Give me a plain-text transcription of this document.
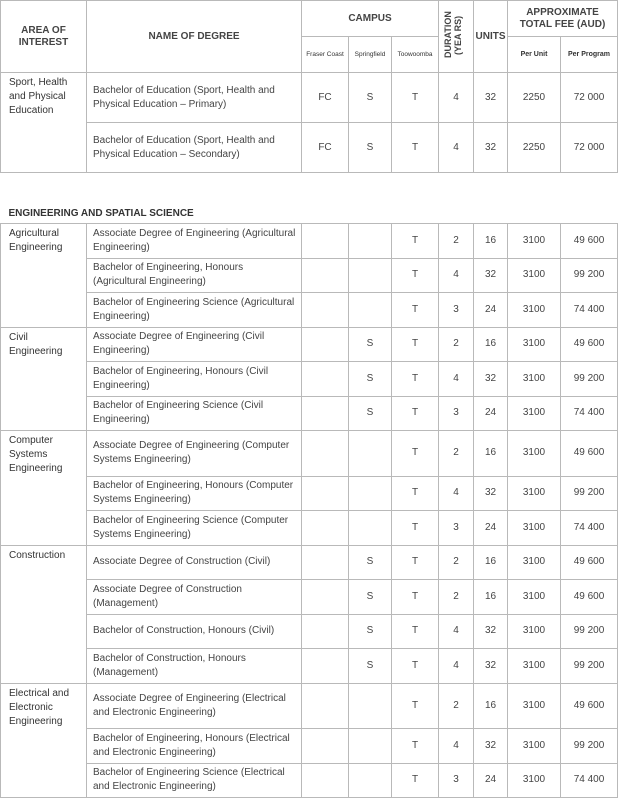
AREA OF INTEREST	NAME OF DEGREE	CAMPUS			DURATION (YEA RS)	UNITS	APPROXIMATE TOTAL FEE (AUD)	
		Fraser Coast	Springfield	Toowoomba			Per Unit	Per Program
Sport, Health and Physical Education	Bachelor of Education (Sport, Health and Physical Education – Primary)	FC	S	T	4	32	2250	72 000
	Bachelor of Education (Sport, Health and Physical Education – Secondary)	FC	S	T	4	32	2250	72 000
ENGINEERING AND SPATIAL SCIENCE								
Agricultural Engineering	Associate Degree of Engineering (Agricultural Engineering)			T	2	16	3100	49 600
	Bachelor of Engineering, Honours (Agricultural Engineering)			T	4	32	3100	99 200
	Bachelor of Engineering Science (Agricultural Engineering)			T	3	24	3100	74 400
Civil Engineering	Associate Degree of Engineering (Civil Engineering)		S	T	2	16	3100	49 600
	Bachelor of Engineering, Honours (Civil Engineering)		S	T	4	32	3100	99 200
	Bachelor of Engineering Science (Civil Engineering)		S	T	3	24	3100	74 400
Computer Systems Engineering	Associate Degree of Engineering (Computer Systems Engineering)			T	2	16	3100	49 600
	Bachelor of Engineering, Honours (Computer Systems Engineering)			T	4	32	3100	99 200
	Bachelor of Engineering Science (Computer Systems Engineering)			T	3	24	3100	74 400
Construction	Associate Degree of Construction (Civil)		S	T	2	16	3100	49 600
	Associate Degree of Construction (Management)		S	T	2	16	3100	49 600
	Bachelor of Construction, Honours (Civil)		S	T	4	32	3100	99 200
	Bachelor of Construction, Honours (Management)		S	T	4	32	3100	99 200
Electrical and Electronic Engineering	Associate Degree of Engineering (Electrical and Electronic Engineering)			T	2	16	3100	49 600
	Bachelor of Engineering, Honours (Electrical and Electronic Engineering)			T	4	32	3100	99 200
	Bachelor of Engineering Science (Electrical and Electronic Engineering)			T	3	24	3100	74 400
